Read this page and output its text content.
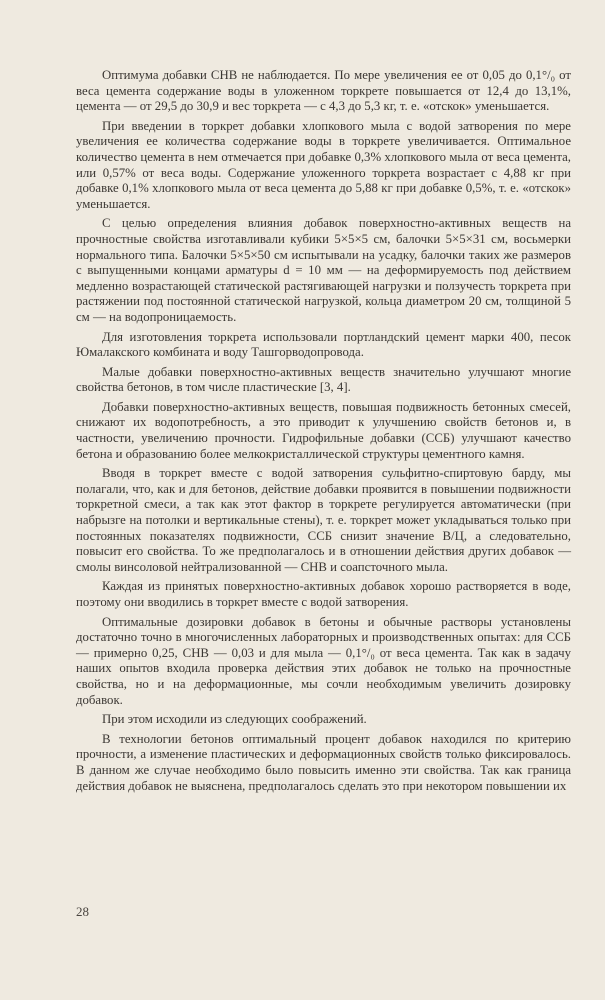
Оптимума добавки СНВ не наблюдается. По мере увеличения ее от 0,05 до 0,1°/₀ от веса цемента содержание воды в уложенном торкрете повышается от 12,4 до 13,1%, цемента — от 29,5 до 30,9 и вес торкрета — с 4,3 до 5,3 кг, т. е. «отскок» уменьшается.

При введении в торкрет добавки хлопкового мыла с водой затворения по мере увеличения ее количества содержание воды в торкрете увеличивается. Оптимальное количество цемента в нем отмечается при добавке 0,3% хлопкового мыла от веса цемента, или 0,57% от веса воды. Содержание уложенного торкрета возрастает с 4,88 кг при добавке 0,1% хлопкового мыла от веса цемента до 5,88 кг при добавке 0,5%, т. е. «отскок» уменьшается.

С целью определения влияния добавок поверхностно-активных веществ на прочностные свойства изготавливали кубики 5×5×5 см, балочки 5×5×31 см, восьмерки нормального типа. Балочки 5×5×50 см испытывали на усадку, балочки таких же размеров с выпущенными концами арматуры d = 10 мм — на деформируемость под действием медленно возрастающей статической растягивающей нагрузки и ползучесть торкрета при растяжении под постоянной статической нагрузкой, кольца диаметром 20 см, толщиной 5 см — на водопроницаемость.

Для изготовления торкрета использовали портландский цемент марки 400, песок Юмалакского комбината и воду Ташгорводопровода.

Малые добавки поверхностно-активных веществ значительно улучшают многие свойства бетонов, в том числе пластические [3, 4].

Добавки поверхностно-активных веществ, повышая подвижность бетонных смесей, снижают их водопотребность, а это приводит к улучшению свойств бетонов и, в частности, увеличению прочности. Гидрофильные добавки (ССБ) улучшают качество бетона и образованию более мелкокристаллической структуры цементного камня.

Вводя в торкрет вместе с водой затворения сульфитно-спиртовую барду, мы полагали, что, как и для бетонов, действие добавки проявится в повышении подвижности торкретной смеси, а так как этот фактор в торкрете регулируется автоматически (при набрызге на потолки и вертикальные стены), т. е. торкрет может укладываться только при постоянных показателях подвижности, ССБ снизит значение В/Ц, а следовательно, повысит его свойства. То же предполагалось и в отношении действия других добавок — смолы винсоловой нейтрализованной — СНВ и соапсточного мыла.

Каждая из принятых поверхностно-активных добавок хорошо растворяется в воде, поэтому они вводились в торкрет вместе с водой затворения.

Оптимальные дозировки добавок в бетоны и обычные растворы установлены достаточно точно в многочисленных лабораторных и производственных опытах: для ССБ — примерно 0,25, СНВ — 0,03 и для мыла — 0,1°/₀ от веса цемента. Так как в задачу наших опытов входила проверка действия этих добавок не только на прочностные свойства, но и на деформационные, мы сочли необходимым увеличить дозировку добавок.

При этом исходили из следующих соображений.

В технологии бетонов оптимальный процент добавок находился по критерию прочности, а изменение пластических и деформационных свойств только фиксировалось. В данном же случае необходимо было повысить именно эти свойства. Так как граница действия добавок не выяснена, предполагалось сделать это при некотором повышении их

28
